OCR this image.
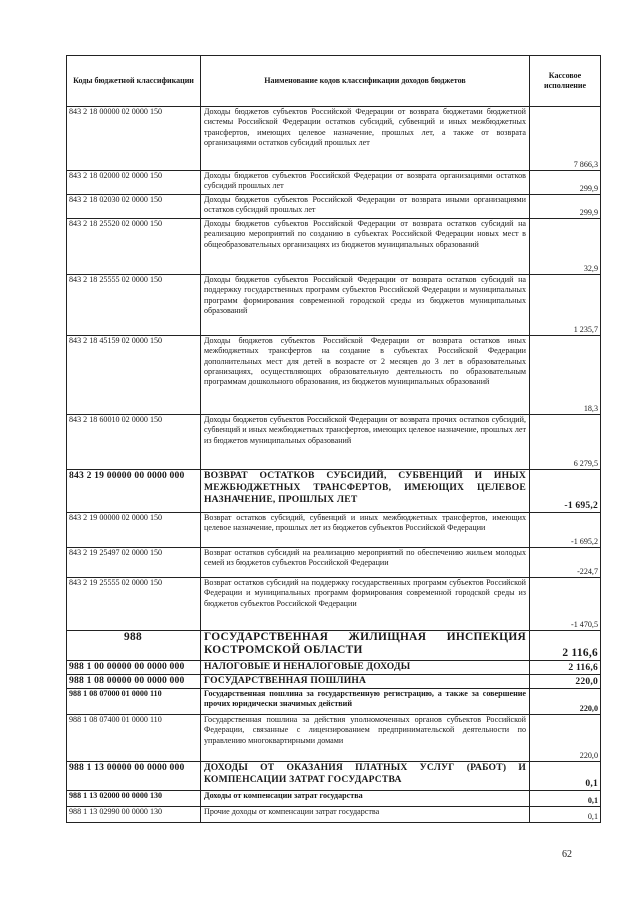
Коды бюджетной классификации	Наименование кодов классификации доходов бюджетов	Кассовое исполнение
843 2 18 00000 02 0000 150	Доходы бюджетов субъектов Российской Федерации от возврата бюджетами бюджетной системы Российской Федерации остатков субсидий, субвенций и иных межбюджетных трансфертов, имеющих целевое назначение, прошлых лет, а также от возврата организациями остатков субсидий прошлых лет	7 866,3
843 2 18 02000 02 0000 150	Доходы бюджетов субъектов Российской Федерации от возврата организациями остатков субсидий прошлых лет	299,9
843 2 18 02030 02 0000 150	Доходы бюджетов субъектов Российской Федерации от возврата иными организациями остатков субсидий прошлых лет	299,9
843 2 18 25520 02 0000 150	Доходы бюджетов субъектов Российской Федерации от возврата остатков субсидий на реализацию мероприятий по созданию в субъектах Российской Федерации новых мест в общеобразовательных организациях из бюджетов муниципальных образований	32,9
843 2 18 25555 02 0000 150	Доходы бюджетов субъектов Российской Федерации от возврата остатков субсидий на поддержку государственных программ субъектов Российской Федерации и муниципальных программ формирования современной городской среды из бюджетов муниципальных образований	1 235,7
843 2 18 45159 02 0000 150	Доходы бюджетов субъектов Российской Федерации от возврата остатков иных межбюджетных трансфертов на создание в субъектах Российской Федерации дополнительных мест для детей в возрасте от 2 месяцев до 3 лет в образовательных организациях, осуществляющих образовательную деятельность по образовательным программам дошкольного образования, из бюджетов муниципальных образований	18,3
843 2 18 60010 02 0000 150	Доходы бюджетов субъектов Российской Федерации от возврата прочих остатков субсидий, субвенций и иных межбюджетных трансфертов, имеющих целевое назначение, прошлых лет из бюджетов муниципальных образований	6 279,5
843 2 19 00000 00 0000 000	ВОЗВРАТ ОСТАТКОВ СУБСИДИЙ, СУБВЕНЦИЙ И ИНЫХ МЕЖБЮДЖЕТНЫХ ТРАНСФЕРТОВ, ИМЕЮЩИХ ЦЕЛЕВОЕ НАЗНАЧЕНИЕ, ПРОШЛЫХ ЛЕТ	-1 695,2
843 2 19 00000 02 0000 150	Возврат остатков субсидий, субвенций и иных межбюджетных трансфертов, имеющих целевое назначение, прошлых лет из бюджетов субъектов Российской Федерации	-1 695,2
843 2 19 25497 02 0000 150	Возврат остатков субсидий на реализацию мероприятий по обеспечению жильем молодых семей из бюджетов субъектов Российской Федерации	-224,7
843 2 19 25555 02 0000 150	Возврат остатков субсидий на поддержку государственных программ субъектов Российской Федерации и муниципальных программ формирования современной городской среды из бюджетов субъектов Российской Федерации	-1 470,5
988	ГОСУДАРСТВЕННАЯ ЖИЛИЩНАЯ ИНСПЕКЦИЯ КОСТРОМСКОЙ ОБЛАСТИ	2 116,6
988 1 00 00000 00 0000 000	НАЛОГОВЫЕ И НЕНАЛОГОВЫЕ ДОХОДЫ	2 116,6
988 1 08 00000 00 0000 000	ГОСУДАРСТВЕННАЯ ПОШЛИНА	220,0
988 1 08 07000 01 0000 110	Государственная пошлина за государственную регистрацию, а также за совершение прочих юридически значимых действий	220,0
988 1 08 07400 01 0000 110	Государственная пошлина за действия уполномоченных органов субъектов Российской Федерации, связанные с лицензированием предпринимательской деятельности по управлению многоквартирными домами	220,0
988 1 13 00000 00 0000 000	ДОХОДЫ ОТ ОКАЗАНИЯ ПЛАТНЫХ УСЛУГ (РАБОТ) И КОМПЕНСАЦИИ ЗАТРАТ ГОСУДАРСТВА	0,1
988 1 13 02000 00 0000 130	Доходы от компенсации затрат государства	0,1
988 1 13 02990 00 0000 130	Прочие доходы от компенсации затрат государства	0,1
62
